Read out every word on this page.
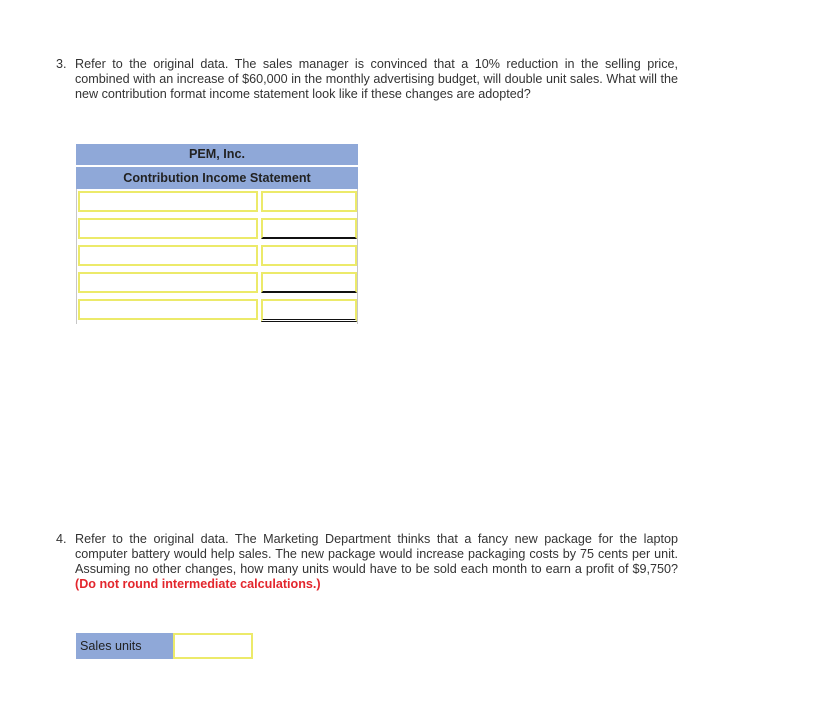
3. Refer to the original data. The sales manager is convinced that a 10% reduction in the selling price, combined with an increase of $60,000 in the monthly advertising budget, will double unit sales. What will the new contribution format income statement look like if these changes are adopted?
PEM, Inc.
Contribution Income Statement
4. Refer to the original data. The Marketing Department thinks that a fancy new package for the laptop computer battery would help sales. The new package would increase packaging costs by 75 cents per unit. Assuming no other changes, how many units would have to be sold each month to earn a profit of $9,750? (Do not round intermediate calculations.)
Sales units
